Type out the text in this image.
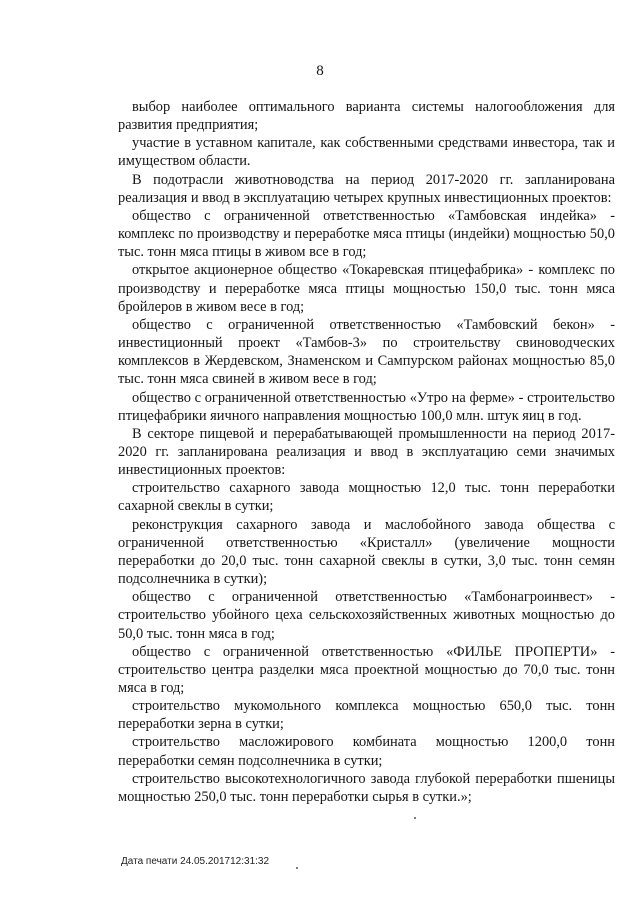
8

выбор наиболее оптимального варианта системы налогообложения для развития предприятия;

участие в уставном капитале, как собственными средствами инвестора, так и имуществом области.

В подотрасли животноводства на период 2017-2020 гг. запланирована реализация и ввод в эксплуатацию четырех крупных инвестиционных проектов:

общество с ограниченной ответственностью «Тамбовская индейка» - комплекс по производству и переработке мяса птицы (индейки) мощностью 50,0 тыс. тонн мяса птицы в живом все в год;

открытое акционерное общество «Токаревская птицефабрика» - комплекс по производству и переработке мяса птицы мощностью 150,0 тыс. тонн мяса бройлеров в живом весе в год;

общество с ограниченной ответственностью «Тамбовский бекон» - инвестиционный проект «Тамбов-3» по строительству свиноводческих комплексов в Жердевском, Знаменском и Сампурском районах мощностью 85,0 тыс. тонн мяса свиней в живом весе в год;

общество с ограниченной ответственностью «Утро на ферме» - строительство птицефабрики яичного направления мощностью 100,0 млн. штук яиц в год.

В секторе пищевой и перерабатывающей промышленности на период 2017-2020 гг. запланирована реализация и ввод в эксплуатацию семи значимых инвестиционных проектов:

строительство сахарного завода мощностью 12,0 тыс. тонн переработки сахарной свеклы в сутки;

реконструкция сахарного завода и маслобойного завода общества с ограниченной ответственностью «Кристалл» (увеличение мощности переработки до 20,0 тыс. тонн сахарной свеклы в сутки, 3,0 тыс. тонн семян подсолнечника в сутки);

общество с ограниченной ответственностью «Тамбонагроинвест» - строительство убойного цеха сельскохозяйственных животных мощностью до 50,0 тыс. тонн мяса в год;

общество с ограниченной ответственностью «ФИЛЬЕ ПРОПЕРТИ» - строительство центра разделки мяса проектной мощностью до 70,0 тыс. тонн мяса в год;

строительство мукомольного комплекса мощностью 650,0 тыс. тонн переработки зерна в сутки;

строительство масложирового комбината мощностью 1200,0 тонн переработки семян подсолнечника в сутки;

строительство высокотехнологичного завода глубокой переработки пшеницы мощностью 250,0 тыс. тонн переработки сырья в сутки.»;

Дата печати 24.05.201712:31:32
